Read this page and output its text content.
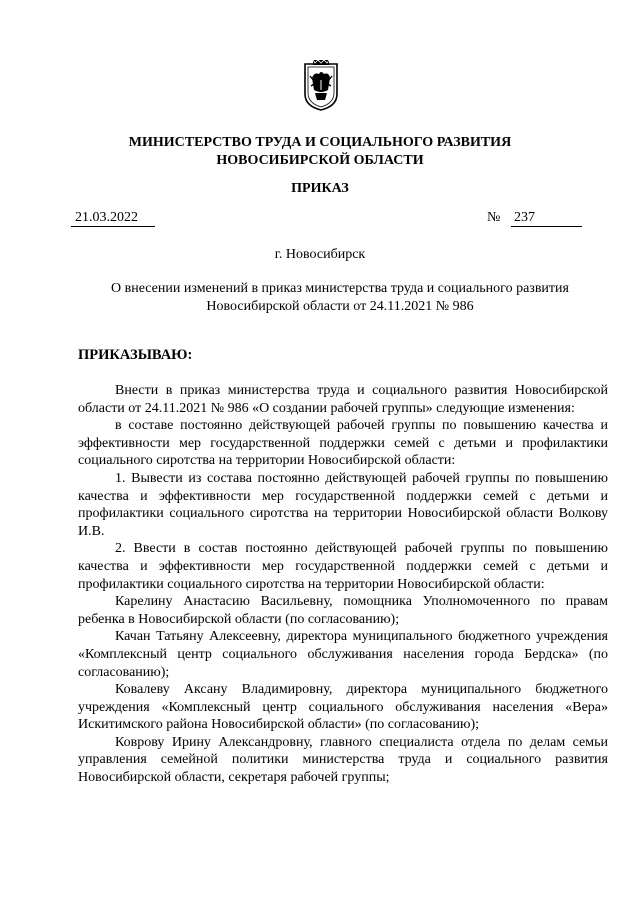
МИНИСТЕРСТВО ТРУДА И СОЦИАЛЬНОГО РАЗВИТИЯ
НОВОСИБИРСКОЙ ОБЛАСТИ
ПРИКАЗ
21.03.2022	№ 237
г. Новосибирск
О внесении изменений в приказ министерства труда и социального развития
Новосибирской области от 24.11.2021 № 986
ПРИКАЗЫВАЮ:

Внести в приказ министерства труда и социального развития Новосибирской области от 24.11.2021 № 986 «О создании рабочей группы» следующие изменения:

в составе постоянно действующей рабочей группы по повышению качества и эффективности мер государственной поддержки семей с детьми и профилактики социального сиротства на территории Новосибирской области:

1. Вывести из состава постоянно действующей рабочей группы по повышению качества и эффективности мер государственной поддержки семей с детьми и профилактики социального сиротства на территории Новосибирской области Волкову И.В.

2. Ввести в состав постоянно действующей рабочей группы по повышению качества и эффективности мер государственной поддержки семей с детьми и профилактики социального сиротства на территории Новосибирской области:

Карелину Анастасию Васильевну, помощника Уполномоченного по правам ребенка в Новосибирской области (по согласованию);

Качан Татьяну Алексеевну, директора муниципального бюджетного учреждения «Комплексный центр социального обслуживания населения города Бердска» (по согласованию);

Ковалеву Аксану Владимировну, директора муниципального бюджетного учреждения «Комплексный центр социального обслуживания населения «Вера» Искитимского района Новосибирской области» (по согласованию);

Коврову Ирину Александровну, главного специалиста отдела по делам семьи управления семейной политики министерства труда и социального развития Новосибирской области, секретаря рабочей группы;
